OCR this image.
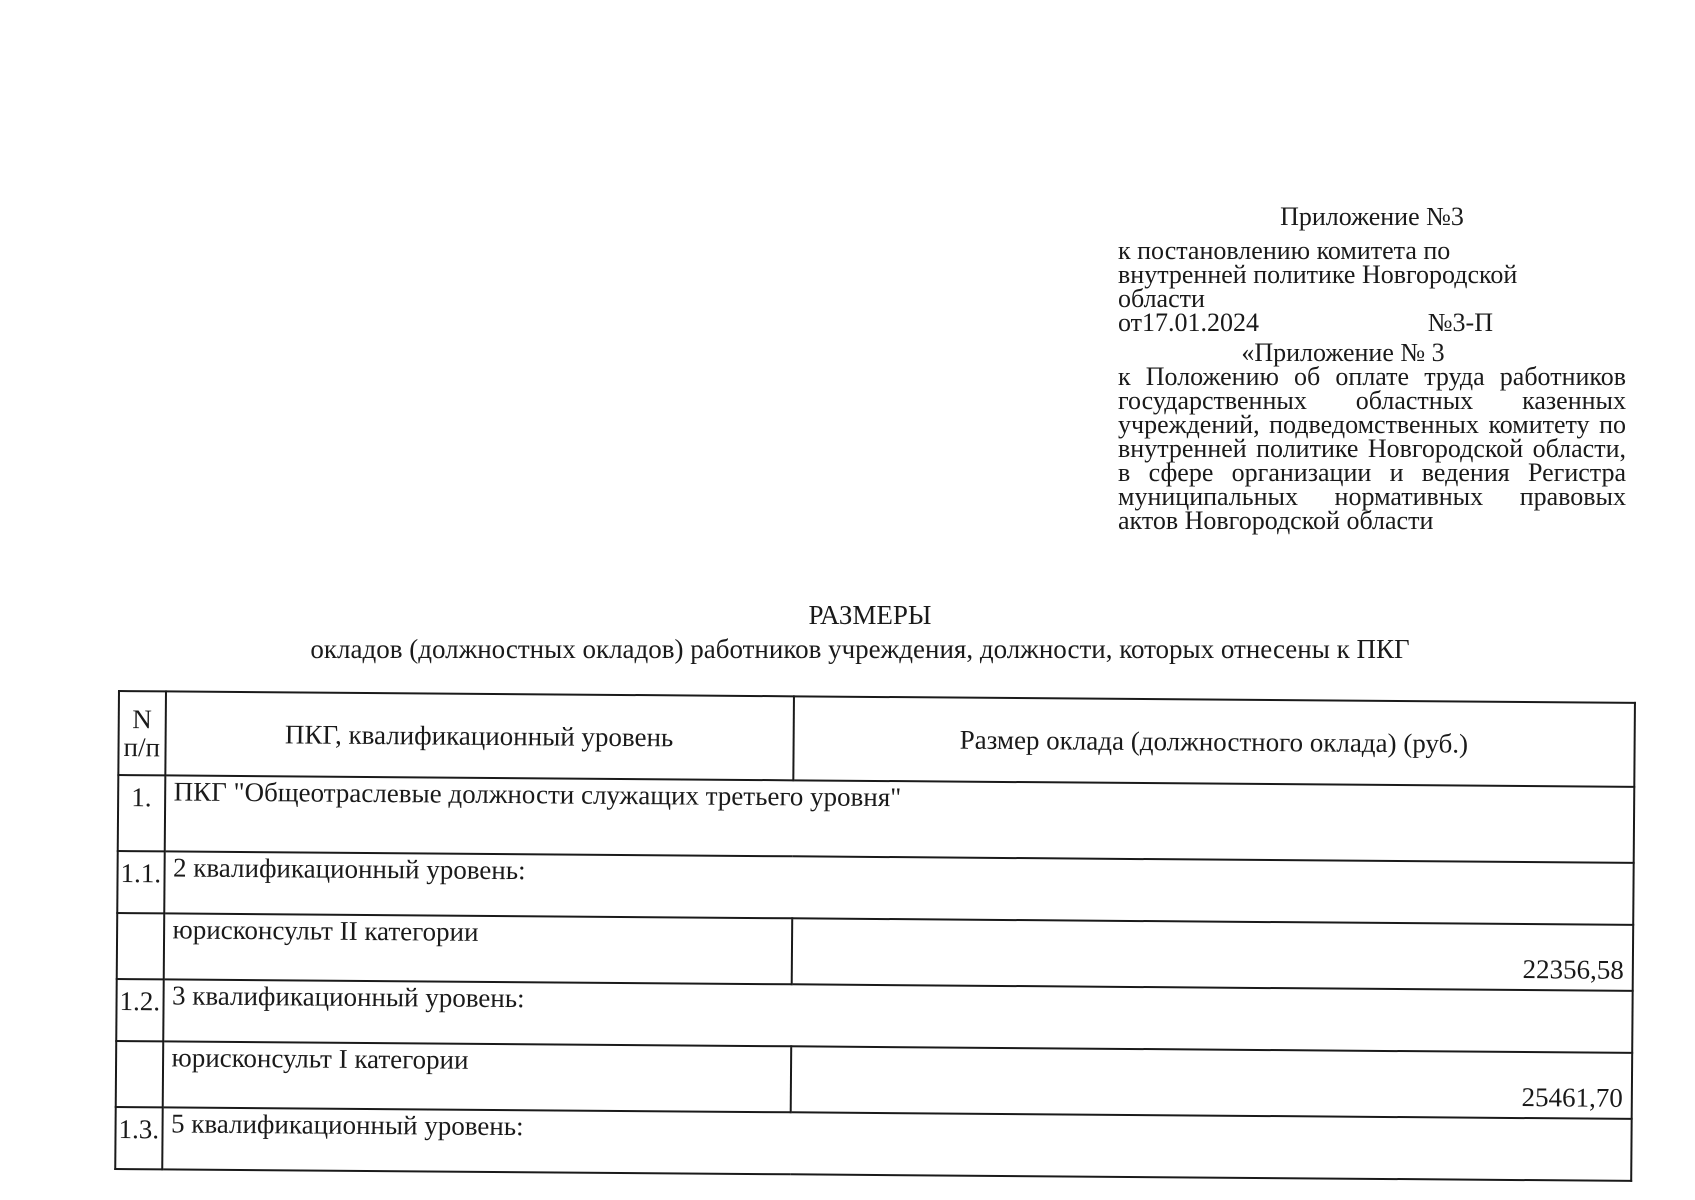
Приложение №3
к постановлению комитета по
внутренней политике Новгородской
области
от17.01.2024	№3-П
«Приложение № 3
к Положению об оплате труда работников государственных областных казенных учреждений, подведомственных комитету по внутренней политике Новгородской области, в сфере организации и ведения Регистра муниципальных нормативных правовых актов Новгородской области
РАЗМЕРЫ
окладов (должностных окладов) работников учреждения, должности, которых отнесены к ПКГ
N п/п	ПКГ, квалификационный уровень	Размер оклада (должностного оклада) (руб.)
1.	ПКГ "Общеотраслевые должности служащих третьего уровня"	
1.1.	2 квалификационный уровень:	
	юрисконсульт II категории	22356,58
1.2.	3 квалификационный уровень:	
	юрисконсульт I категории	25461,70
1.3.	5 квалификационный уровень:	
